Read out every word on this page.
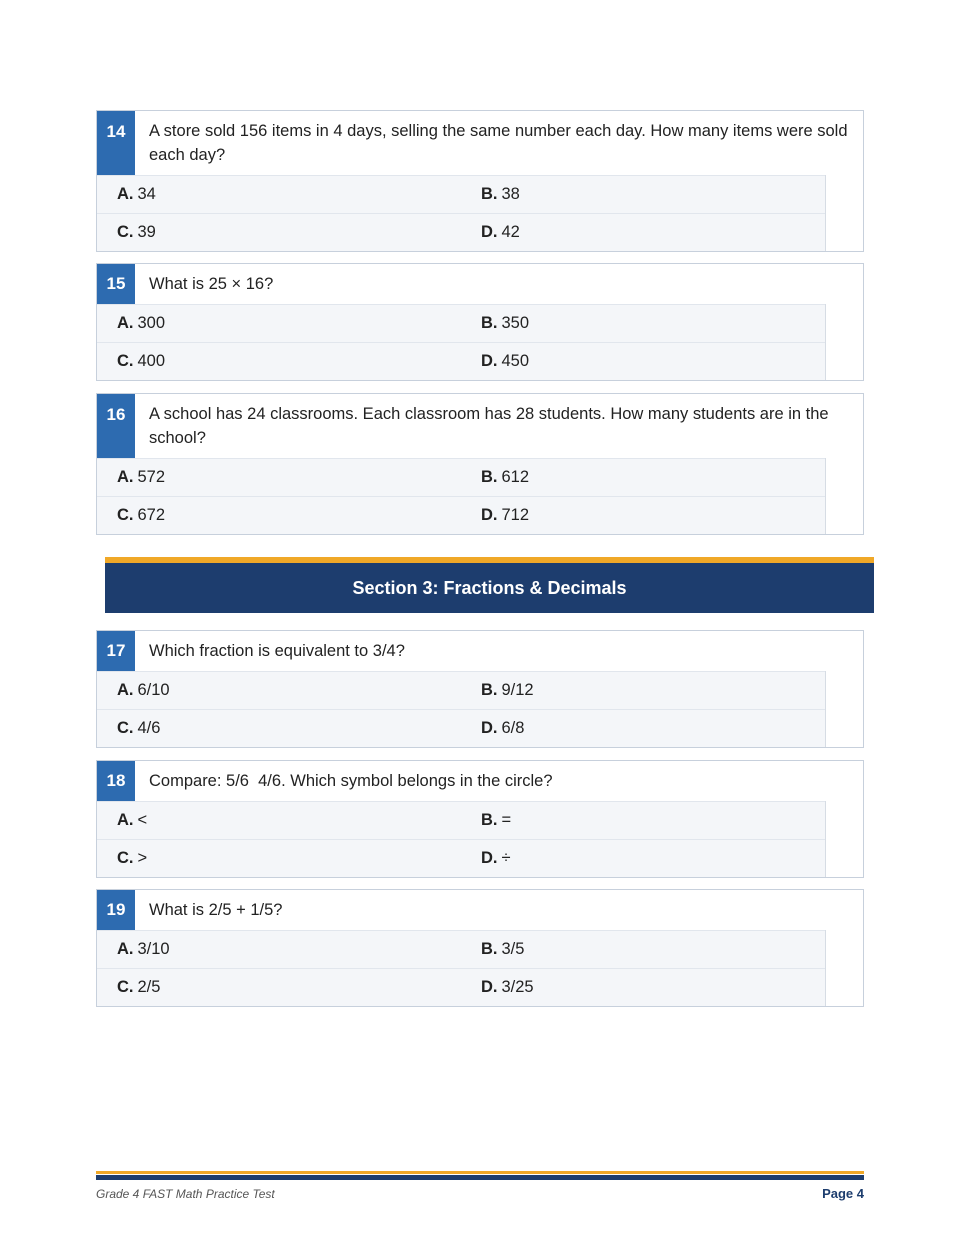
14	A store sold 156 items in 4 days, selling the same number each day. How many items were sold each day?
A. 34	B. 38
C. 39	D. 42
15	What is 25 × 16?
A. 300	B. 350
C. 400	D. 450
16	A school has 24 classrooms. Each classroom has 28 students. How many students are in the school?
A. 572	B. 612
C. 672	D. 712
Section 3: Fractions & Decimals
17	Which fraction is equivalent to 3/4?
A. 6/10	B. 9/12
C. 4/6	D. 6/8
18	Compare: 5/6  4/6. Which symbol belongs in the circle?
A. <	B. =
C. >	D. ÷
19	What is 2/5 + 1/5?
A. 3/10	B. 3/5
C. 2/5	D. 3/25
Grade 4 FAST Math Practice Test	Page 4
